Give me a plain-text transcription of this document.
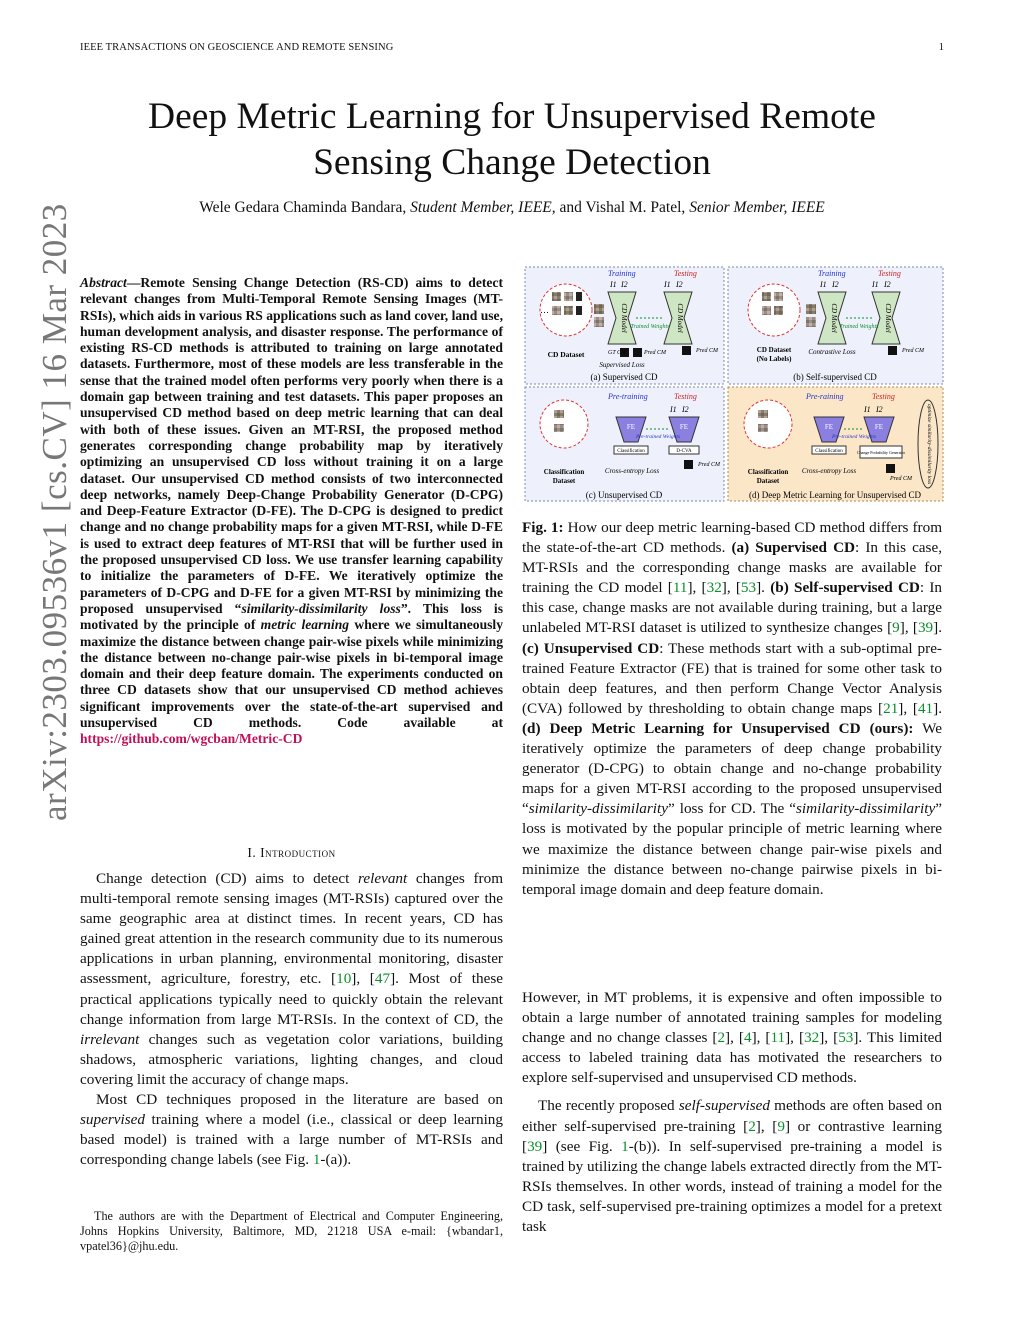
IEEE TRANSACTIONS ON GEOSCIENCE AND REMOTE SENSING	1
Deep Metric Learning for Unsupervised Remote
Sensing Change Detection
Wele Gedara Chaminda Bandara, Student Member, IEEE, and Vishal M. Patel, Senior Member, IEEE
arXiv:2303.09536v1 [cs.CV] 16 Mar 2023 Abstract—Remote Sensing Change Detection (RS-CD) aims to detect relevant changes from Multi-Temporal Remote Sensing Images (MT-RSIs), which aids in various RS applications such as land cover, land use, human development analysis, and disaster response. The performance of existing RS-CD methods is attributed to training on large annotated datasets. Furthermore, most of these models are less transferable in the sense that the trained model often performs very poorly when there is a domain gap between training and test datasets. This paper proposes an unsupervised CD method based on deep metric learning that can deal with both of these issues. Given an MT-RSI, the proposed method generates corresponding change probability map by iteratively optimizing an unsupervised CD loss without training it on a large dataset. Our unsupervised CD method consists of two interconnected deep networks, namely Deep-Change Probability Generator (D-CPG) and Deep-Feature Extractor (D-FE). The D-CPG is designed to predict change and no change probability maps for a given MT-RSI, while D-FE is used to extract deep features of MT-RSI that will be further used in the proposed unsupervised CD loss. We use transfer learning capability to initialize the parameters of D-FE. We iteratively optimize the parameters of D-CPG and D-FE for a given MT-RSI by minimizing the proposed unsupervised “similarity-dissimilarity loss”. This loss is motivated by the principle of metric learning where we simultaneously maximize the distance between change pair-wise pixels while minimizing the distance between no-change pair-wise pixels in bi-temporal image domain and their deep feature domain. The experiments conducted on three CD datasets show that our unsupervised CD method achieves significant improvements over the state-of-the-art supervised and unsupervised CD methods. Code available at https://github.com/wgcban/Metric-CD
I. Introduction

Change detection (CD) aims to detect relevant changes from multi-temporal remote sensing images (MT-RSIs) captured over the same geographic area at distinct times. In recent years, CD has gained great attention in the research community due to its numerous applications in urban planning, environmental monitoring, disaster assessment, agriculture, forestry, etc. [10], [47]. Most of these practical applications typically need to quickly obtain the relevant change information from large MT-RSIs. In the context of CD, the irrelevant changes such as vegetation color variations, building shadows, atmospheric variations, lighting changes, and cloud covering limit the accuracy of change maps.

Most CD techniques proposed in the literature are based on supervised training where a model (i.e., classical or deep learning based model) is trained with a large number of MT-RSIs and corresponding change labels (see Fig. 1-(a)).

The authors are with the Department of Electrical and Computer Engineering, Johns Hopkins University, Baltimore, MD, 21218 USA e-mail: {wbandar1, vpatel36}@jhu.edu.

…
CD Dataset
Training	Testing
I1 I2	I1 I2
CD Model	CD Model
Trained Weights
GT CM	Pred CM
Supervised Loss
Pred CM
(a) Supervised CD
CD Dataset
(No Labels)
Training	Testing
I1 I2	I1 I2
CD Model	CD Model
Trained Weights
Contrastive Loss	Pred CM
(b) Self-supervised CD
Classification
Dataset
Pre-training	Testing
I1 I2
FE	FE
Classification	D-CVA
Pre-trained Weights
Cross-entropy Loss
Pred CM
(c) Unsupervised CD
Classification
Dataset
Pre-raining	Testing
I1 I2
FE	FE
Classification	Change Probability Generator
Pre-trained Weights
Cross-entropy Loss
Pred CM	optimize similarity-dissimilarity loss
(d) Deep Metric Learning for Unsupervised CD
Fig. 1: How our deep metric learning-based CD method differs from the state-of-the-art CD methods. (a) Supervised CD: In this case, MT-RSIs and the corresponding change masks are available for training the CD model [11], [32], [53]. (b) Self-supervised CD: In this case, change masks are not available during training, but a large unlabeled MT-RSI dataset is utilized to synthesize changes [9], [39]. (c) Unsupervised CD: These methods start with a sub-optimal pre-trained Feature Extractor (FE) that is trained for some other task to obtain deep features, and then perform Change Vector Analysis (CVA) followed by thresholding to obtain change maps [21], [41]. (d) Deep Metric Learning for Unsupervised CD (ours): We iteratively optimize the parameters of deep change probability generator (D-CPG) to obtain change and no-change probability maps for a given MT-RSI according to the proposed unsupervised “similarity-dissimilarity” loss for CD. The “similarity-dissimilarity” loss is motivated by the popular principle of metric learning where we maximize the distance between change pair-wise pixels and minimize the distance between no-change pairwise pixels in bi-temporal image domain and deep feature domain.

However, in MT problems, it is expensive and often impossible to obtain a large number of annotated training samples for modeling change and no change classes [2], [4], [11], [32], [53]. This limited access to labeled training data has motivated the researchers to explore self-supervised and unsupervised CD methods.

The recently proposed self-supervised methods are often based on either self-supervised pre-training [2], [9] or contrastive learning [39] (see Fig. 1-(b)). In self-supervised pre-training a model is trained by utilizing the change labels extracted directly from the MT-RSIs themselves. In other words, instead of training a model for the CD task, self-supervised pre-training optimizes a model for a pretext task
